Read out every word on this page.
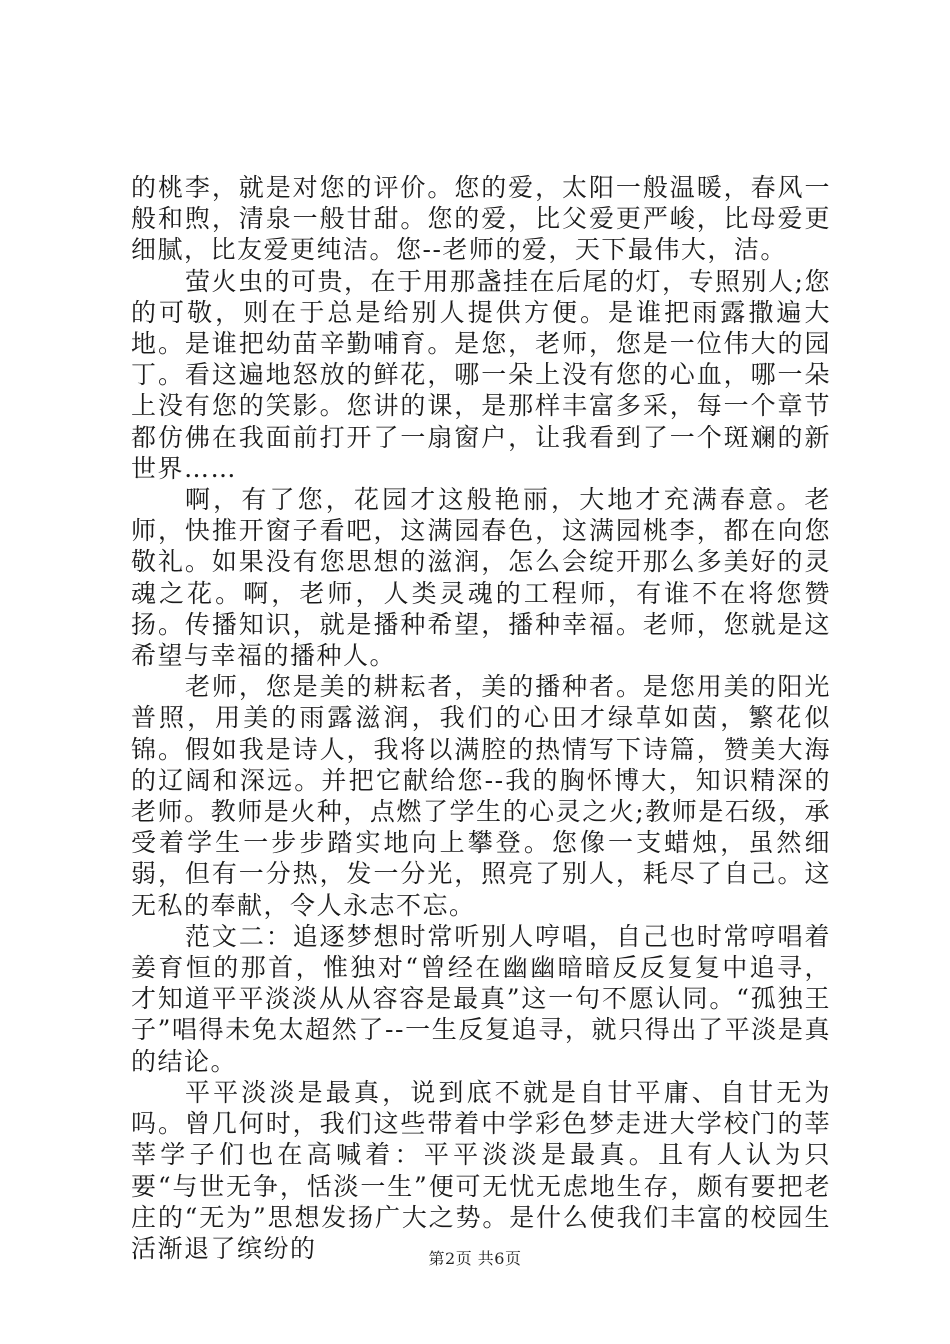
的桃李，就是对您的评价。您的爱，太阳一般温暖，春风一般和煦，清泉一般甘甜。您的爱，比父爱更严峻，比母爱更细腻，比友爱更纯洁。您--老师的爱，天下最伟大，洁。

萤火虫的可贵，在于用那盏挂在后尾的灯，专照别人;您的可敬，则在于总是给别人提供方便。是谁把雨露撒遍大地。是谁把幼苗辛勤哺育。是您，老师，您是一位伟大的园丁。看这遍地怒放的鲜花，哪一朵上没有您的心血，哪一朵上没有您的笑影。您讲的课，是那样丰富多采，每一个章节都仿佛在我面前打开了一扇窗户，让我看到了一个斑斓的新世界……

啊，有了您，花园才这般艳丽，大地才充满春意。老师，快推开窗子看吧，这满园春色，这满园桃李，都在向您敬礼。如果没有您思想的滋润，怎么会绽开那么多美好的灵魂之花。啊，老师，人类灵魂的工程师，有谁不在将您赞扬。传播知识，就是播种希望，播种幸福。老师，您就是这希望与幸福的播种人。

老师，您是美的耕耘者，美的播种者。是您用美的阳光普照，用美的雨露滋润，我们的心田才绿草如茵，繁花似锦。假如我是诗人，我将以满腔的热情写下诗篇，赞美大海的辽阔和深远。并把它献给您--我的胸怀博大，知识精深的老师。教师是火种，点燃了学生的心灵之火;教师是石级，承受着学生一步步踏实地向上攀登。您像一支蜡烛，虽然细弱，但有一分热，发一分光，照亮了别人，耗尽了自己。这无私的奉献，令人永志不忘。

范文二：追逐梦想时常听别人哼唱，自己也时常哼唱着姜育恒的那首，惟独对“曾经在幽幽暗暗反反复复中追寻，才知道平平淡淡从从容容是最真”这一句不愿认同。“孤独王子”唱得未免太超然了--一生反复追寻，就只得出了平淡是真的结论。

平平淡淡是最真，说到底不就是自甘平庸、自甘无为吗。曾几何时，我们这些带着中学彩色梦走进大学校门的莘莘学子们也在高喊着：平平淡淡是最真。且有人认为只要“与世无争，恬淡一生”便可无忧无虑地生存，颇有要把老庄的“无为”思想发扬广大之势。是什么使我们丰富的校园生活渐退了缤纷的	第2页 共6页
